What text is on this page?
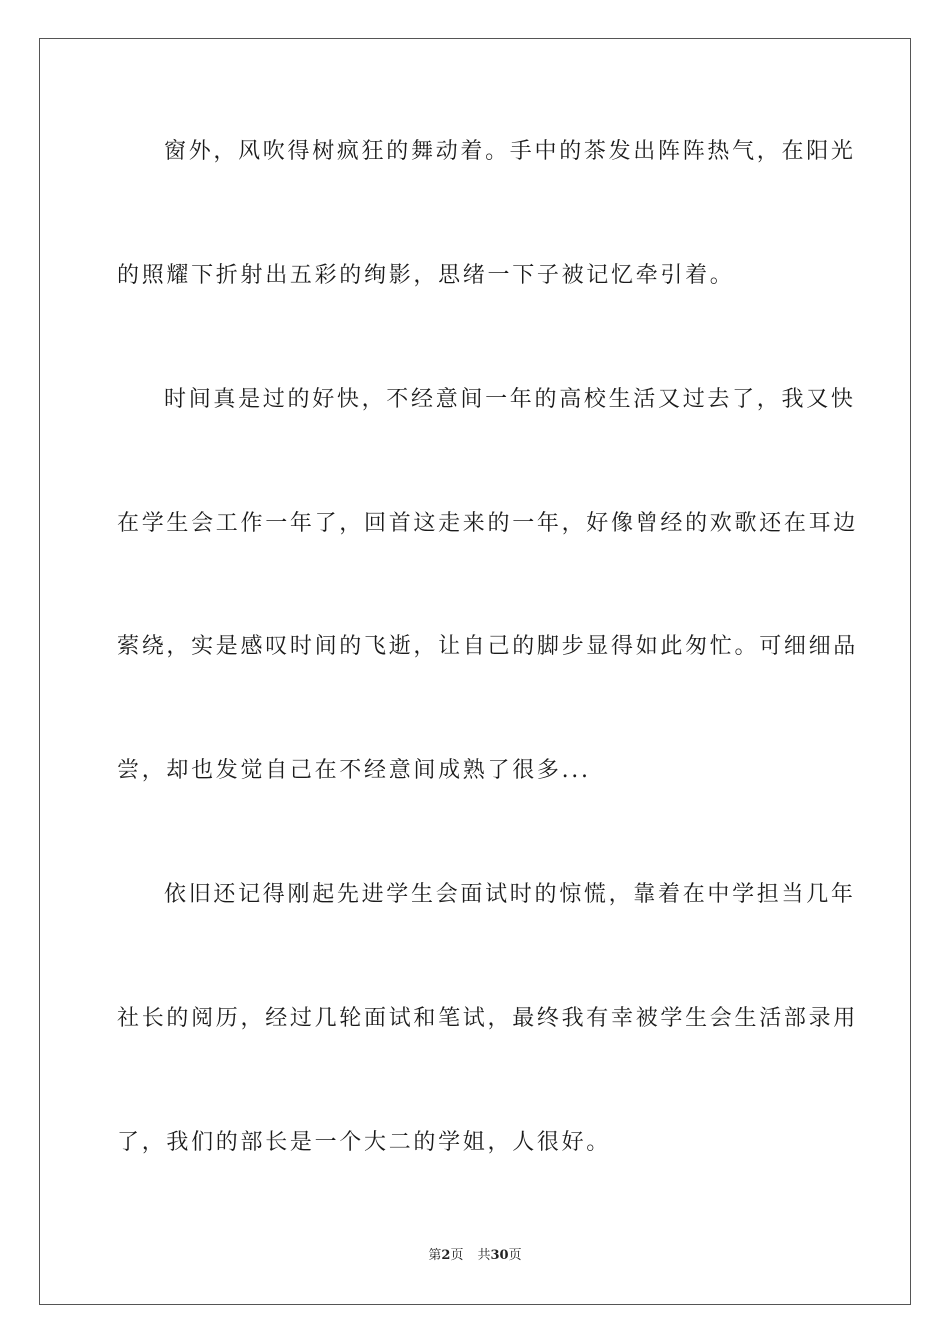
窗外，风吹得树疯狂的舞动着。手中的茶发出阵阵热气，在阳光
的照耀下折射出五彩的绚影，思绪一下子被记忆牵引着。
时间真是过的好快，不经意间一年的高校生活又过去了，我又快
在学生会工作一年了，回首这走来的一年，好像曾经的欢歌还在耳边
萦绕，实是感叹时间的飞逝，让自己的脚步显得如此匆忙。可细细品
尝，却也发觉自己在不经意间成熟了很多...
依旧还记得刚起先进学生会面试时的惊慌，靠着在中学担当几年
社长的阅历，经过几轮面试和笔试，最终我有幸被学生会生活部录用
了，我们的部长是一个大二的学姐，人很好。
第2页 共30页
